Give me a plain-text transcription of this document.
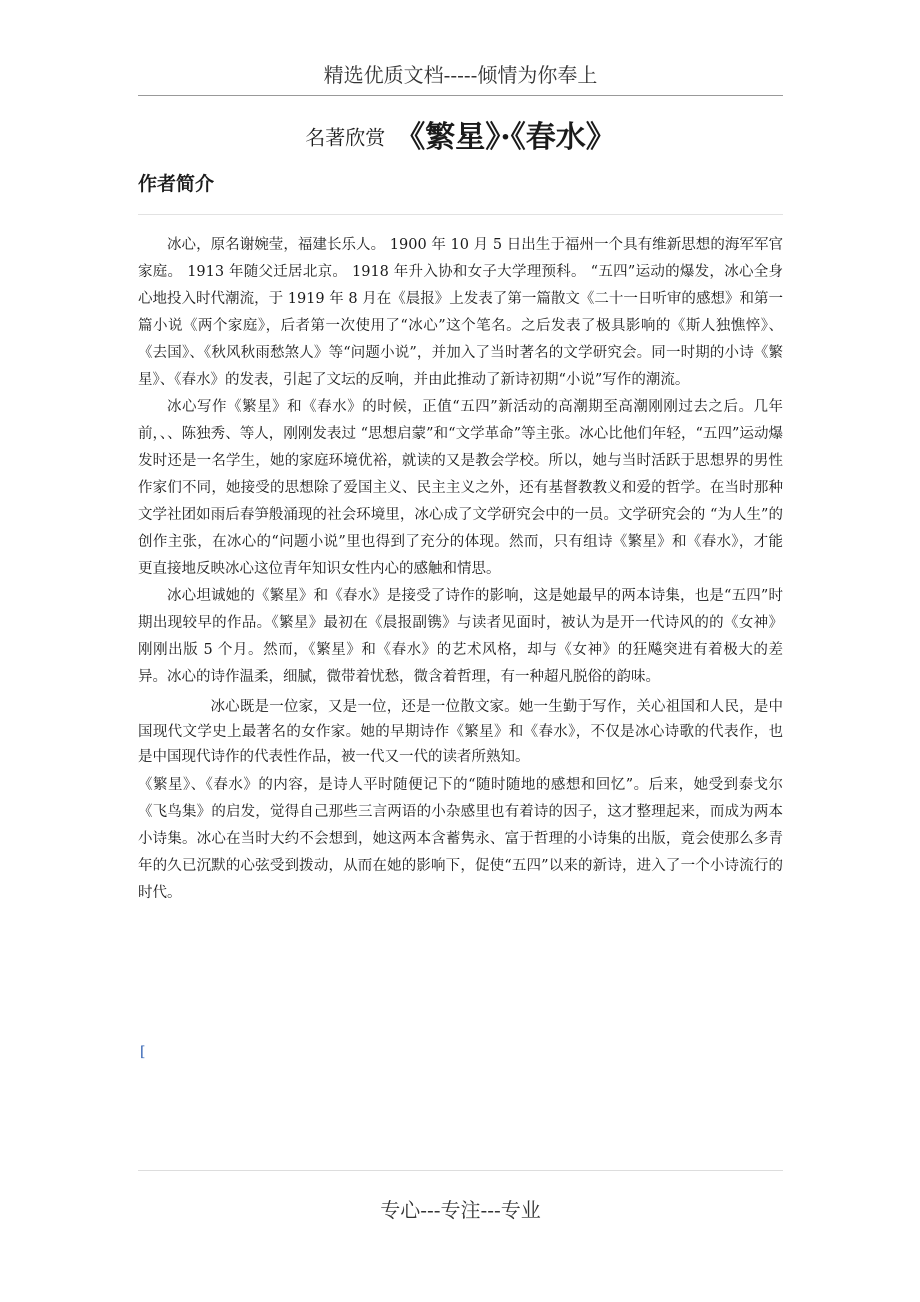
精选优质文档-----倾情为你奉上
名著欣赏 《繁星》·《春水》
作者简介

冰心，原名谢婉莹，福建长乐人。 1900 年 10 月 5 日出生于福州一个具有维新思想的海军军官家庭。 1913 年随父迁居北京。 1918 年升入协和女子大学理预科。 “五四”运动的爆发，冰心全身心地投入时代潮流，于 1919 年 8 月在《晨报》上发表了第一篇散文《二十一日听审的感想》和第一篇小说《两个家庭》，后者第一次使用了“冰心”这个笔名。之后发表了极具影响的《斯人独憔悴》、《去国》、《秋风秋雨愁煞人》等“问题小说”，并加入了当时著名的文学研究会。同一时期的小诗《繁星》、《春水》的发表，引起了文坛的反响，并由此推动了新诗初期“小说”写作的潮流。

冰心写作《繁星》和《春水》的时候，正值“五四”新活动的高潮期至高潮刚刚过去之后。几年前，、、陈独秀、等人，刚刚发表过 “思想启蒙”和“文学革命”等主张。冰心比他们年轻，“五四”运动爆发时还是一名学生，她的家庭环境优裕，就读的又是教会学校。所以，她与当时活跃于思想界的男性作家们不同，她接受的思想除了爱国主义、民主主义之外，还有基督教教义和爱的哲学。在当时那种文学社团如雨后春笋般涌现的社会环境里，冰心成了文学研究会中的一员。文学研究会的 “为人生”的创作主张，在冰心的“问题小说”里也得到了充分的体现。然而，只有组诗《繁星》和《春水》，才能更直接地反映冰心这位青年知识女性内心的感触和情思。

冰心坦诚她的《繁星》和《春水》是接受了诗作的影响，这是她最早的两本诗集，也是“五四”时期出现较早的作品。《繁星》最初在《晨报副镌》与读者见面时，被认为是开一代诗风的的《女神》刚刚出版 5 个月。然而，《繁星》和《春水》的艺术风格，却与《女神》的狂飚突进有着极大的差异。冰心的诗作温柔，细腻，微带着忧愁，微含着哲理，有一种超凡脱俗的韵味。

冰心既是一位家，又是一位，还是一位散文家。她一生勤于写作，关心祖国和人民，是中国现代文学史上最著名的女作家。她的早期诗作《繁星》和《春水》，不仅是冰心诗歌的代表作，也是中国现代诗作的代表性作品，被一代又一代的读者所熟知。

《繁星》、《春水》的内容，是诗人平时随便记下的“随时随地的感想和回忆”。后来，她受到泰戈尔《飞鸟集》的启发，觉得自己那些三言两语的小杂感里也有着诗的因子，这才整理起来，而成为两本小诗集。冰心在当时大约不会想到，她这两本含蓄隽永、富于哲理的小诗集的出版，竟会使那么多青年的久已沉默的心弦受到拨动，从而在她的影响下，促使“五四”以来的新诗，进入了一个小诗流行的时代。

[
专心---专注---专业
